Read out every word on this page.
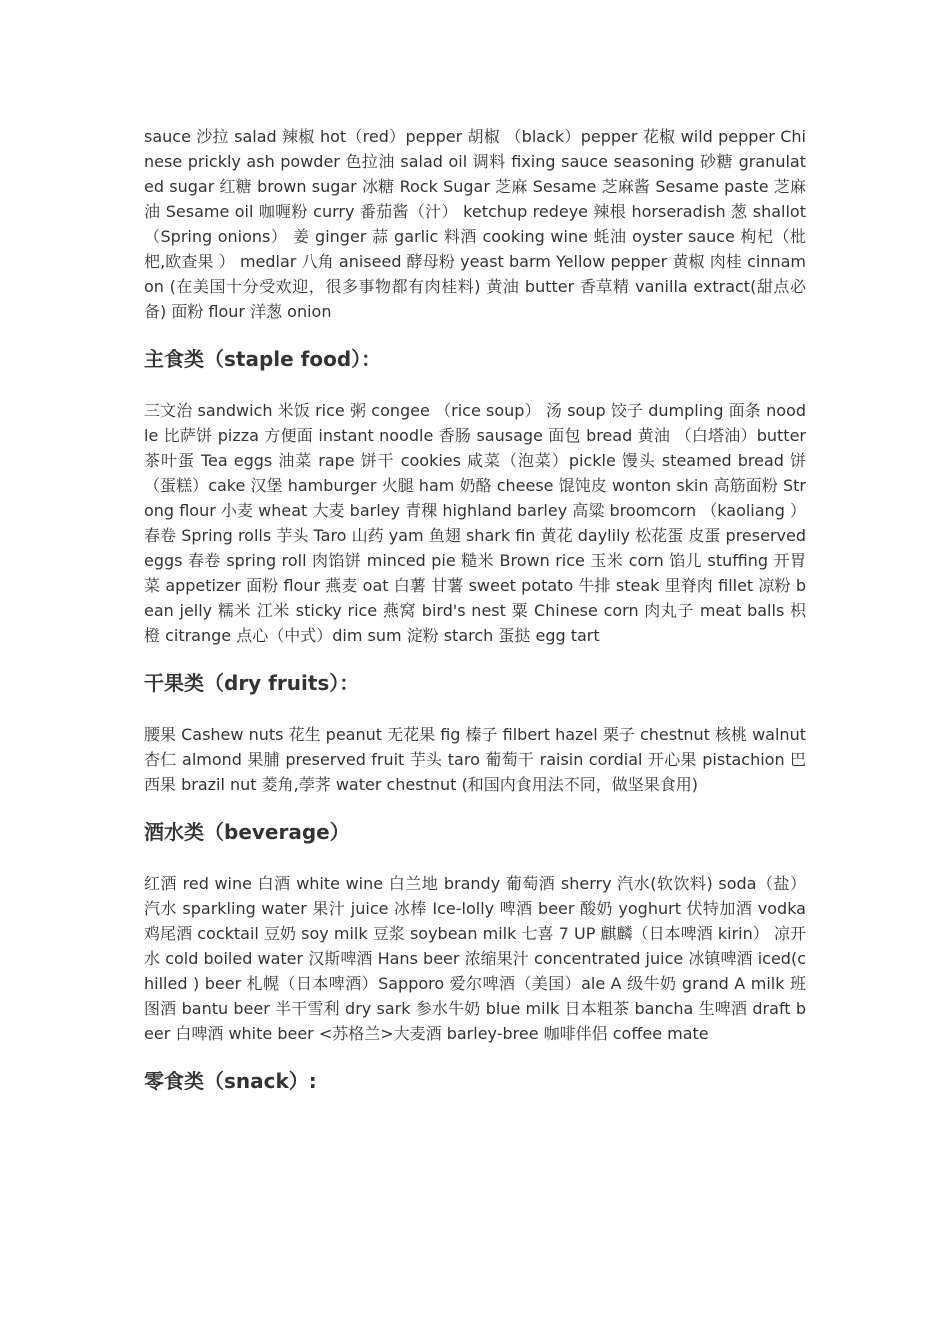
sauce 沙拉 salad 辣椒 hot（red）pepper 胡椒 （black）pepper 花椒 wild pepper Chinese prickly ash powder 色拉油 salad oil 调料 fixing sauce seasoning 砂糖 granulated sugar 红糖 brown sugar 冰糖 Rock Sugar 芝麻 Sesame 芝麻酱 Sesame paste 芝麻油 Sesame oil 咖喱粉 curry 番茄酱（汁） ketchup redeye 辣根 horseradish 葱 shallot （Spring onions） 姜 ginger 蒜 garlic 料酒 cooking wine 蚝油 oyster sauce 枸杞（枇杷,欧查果 ） medlar 八角 aniseed 酵母粉 yeast barm Yellow pepper 黄椒 肉桂 cinnamon (在美国十分受欢迎，很多事物都有肉桂料) 黄油 butter 香草精 vanilla extract(甜点必备) 面粉 flour 洋葱 onion

主食类（staple food）：

三文治 sandwich 米饭 rice 粥 congee （rice soup） 汤 soup 饺子 dumpling 面条 noodle 比萨饼 pizza 方便面 instant noodle 香肠 sausage 面包 bread 黄油 （白塔油）butter 茶叶蛋 Tea eggs 油菜 rape 饼干 cookies 咸菜（泡菜）pickle 馒头 steamed bread 饼（蛋糕）cake 汉堡 hamburger 火腿 ham 奶酪 cheese 馄饨皮 wonton skin 高筋面粉 Strong flour 小麦 wheat 大麦 barley 青稞 highland barley 高粱 broomcorn （kaoliang ）春卷 Spring rolls 芋头 Taro 山药 yam 鱼翅 shark fin 黄花 daylily 松花蛋 皮蛋 preserved eggs 春卷 spring roll 肉馅饼 minced pie 糙米 Brown rice 玉米 corn 馅儿 stuffing 开胃菜 appetizer 面粉 flour 燕麦 oat 白薯 甘薯 sweet potato 牛排 steak 里脊肉 fillet 凉粉 bean jelly 糯米 江米 sticky rice 燕窝 bird's nest 粟 Chinese corn 肉丸子 meat balls 枳橙 citrange 点心（中式）dim sum 淀粉 starch 蛋挞 egg tart

干果类（dry fruits）：

腰果 Cashew nuts 花生 peanut 无花果 fig 榛子 filbert hazel 栗子 chestnut 核桃 walnut 杏仁 almond 果脯 preserved fruit 芋头 taro 葡萄干 raisin cordial 开心果 pistachion 巴西果 brazil nut 菱角,荸荠 water chestnut (和国内食用法不同，做坚果食用)

酒水类（beverage）

红酒 red wine 白酒 white wine 白兰地 brandy 葡萄酒 sherry 汽水(软饮料) soda（盐）汽水 sparkling water 果汁 juice 冰棒 Ice-lolly 啤酒 beer 酸奶 yoghurt 伏特加酒 vodka 鸡尾酒 cocktail 豆奶 soy milk 豆浆 soybean milk 七喜 7 UP 麒麟（日本啤酒 kirin） 凉开水 cold boiled water 汉斯啤酒 Hans beer 浓缩果汁 concentrated juice 冰镇啤酒 iced(chilled ) beer 札幌（日本啤酒）Sapporo 爱尔啤酒（美国）ale A 级牛奶 grand A milk 班图酒 bantu beer 半干雪利 dry sark 参水牛奶 blue milk 日本粗茶 bancha 生啤酒 draft beer 白啤酒 white beer <苏格兰>大麦酒 barley-bree 咖啡伴侣 coffee mate

零食类（snack）:
